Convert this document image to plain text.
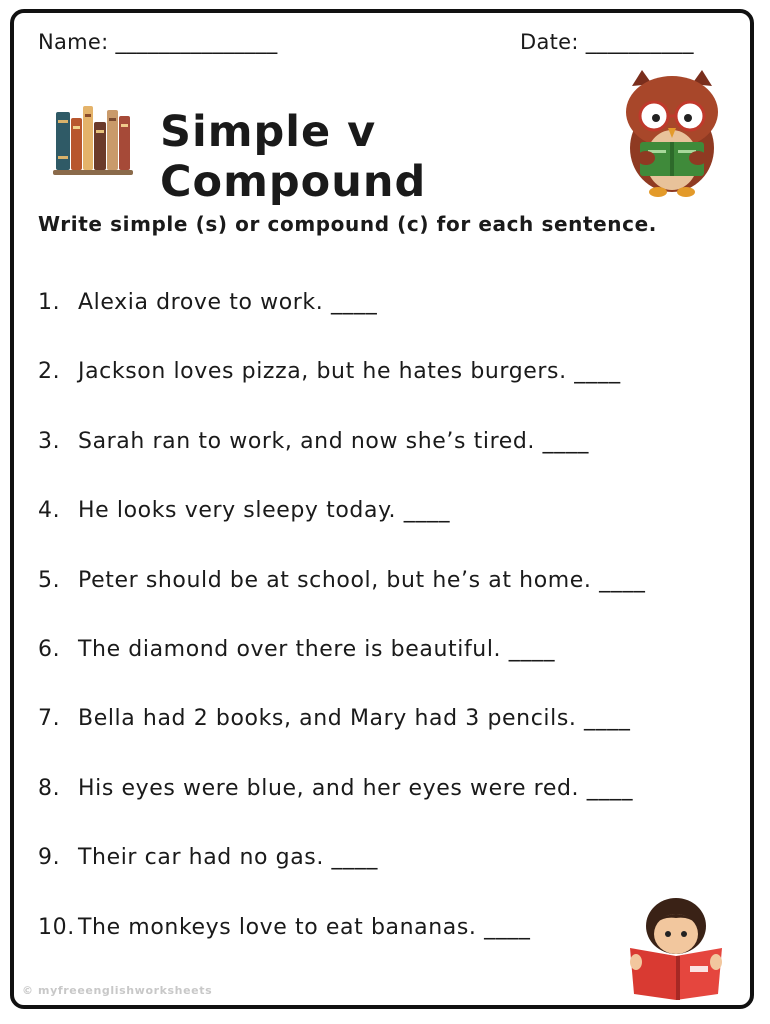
Name: _______________	Date: __________
Simple v Compound
Write simple (s) or compound (c) for each sentence.
1. Alexia drove to work. ____
2. Jackson loves pizza, but he hates burgers. ____
3. Sarah ran to work, and now she’s tired. ____
4. He looks very sleepy today. ____
5. Peter should be at school, but he’s at home. ____
6. The diamond over there is beautiful. ____
7. Bella had 2 books, and Mary had 3 pencils. ____
8. His eyes were blue, and her eyes were red. ____
9. Their car had no gas. ____
10. The monkeys love to eat bananas. ____
© myfreeenglishworksheets
